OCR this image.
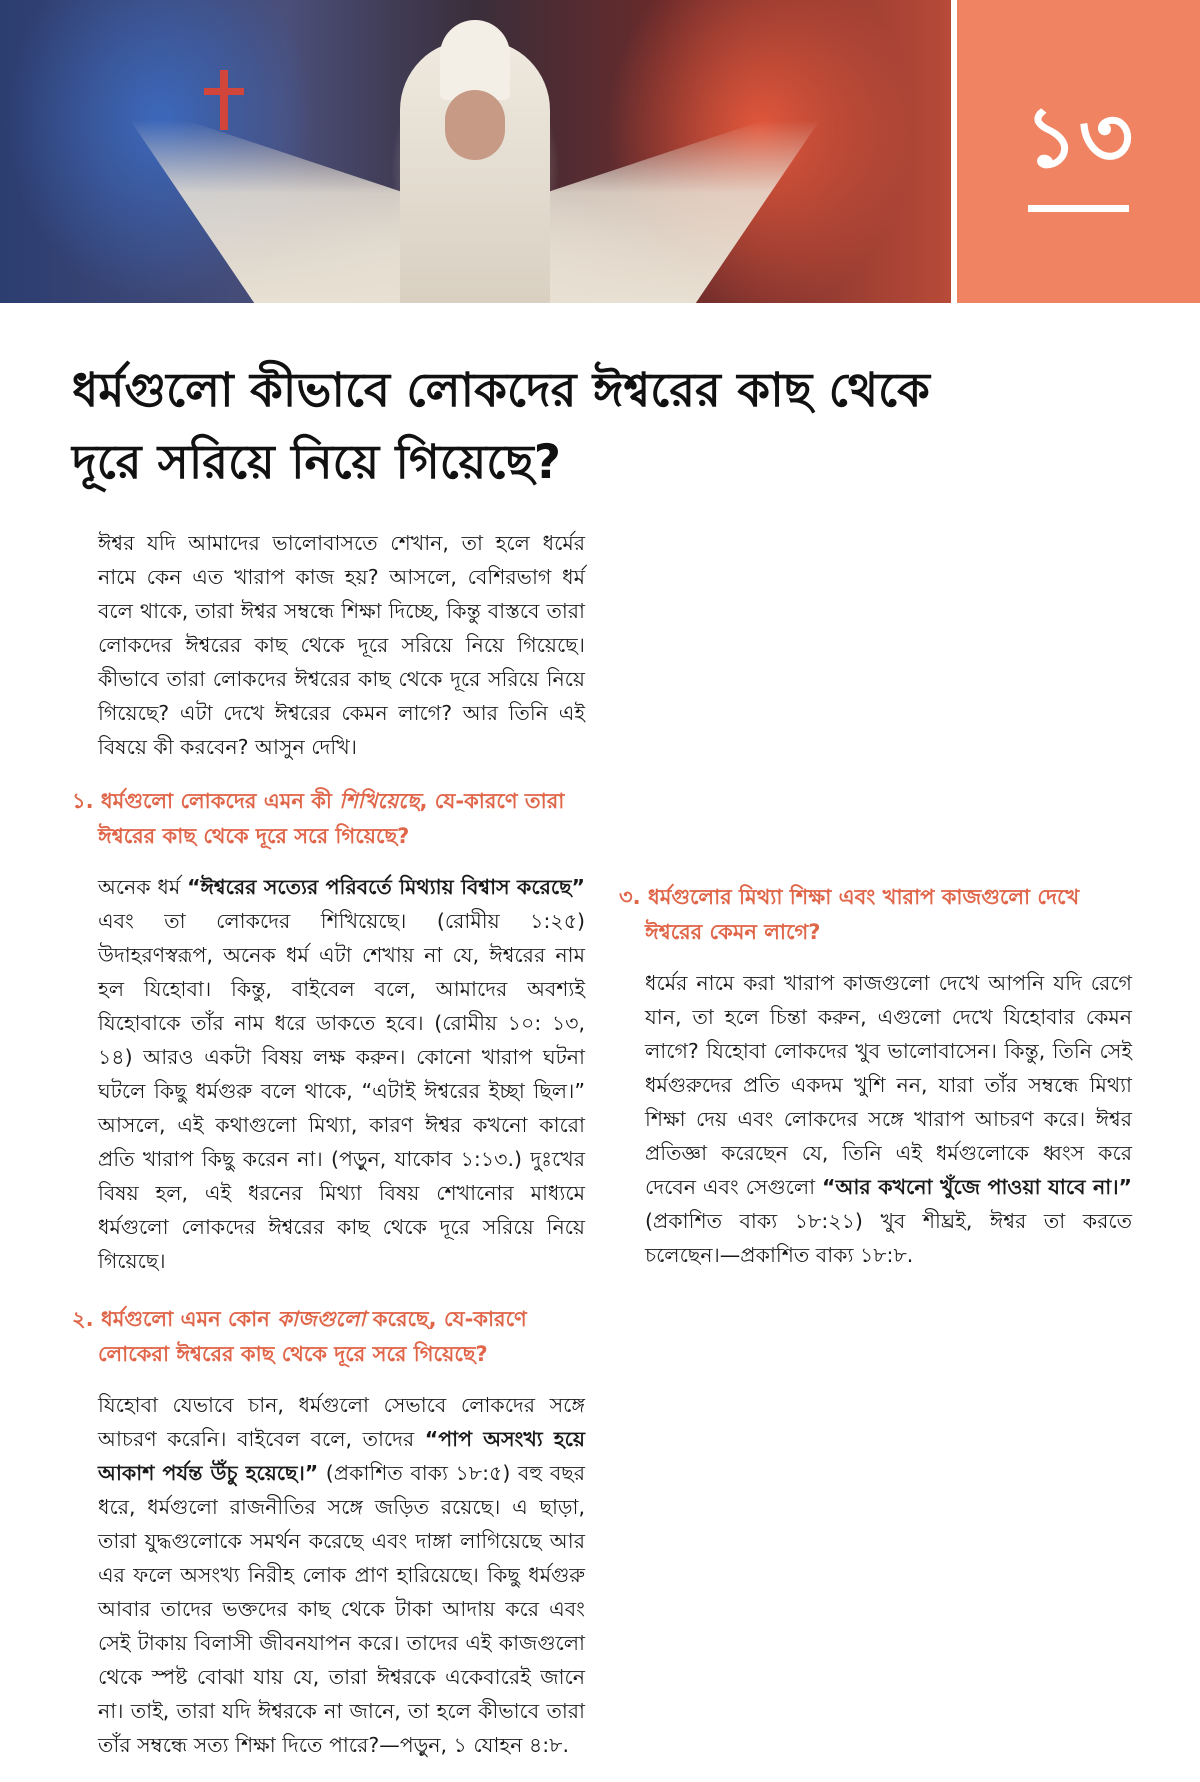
১৩
ধর্মগুলো কীভাবে লোকদের ঈশ্বরের কাছ থেকে দূরে সরিয়ে নিয়ে গিয়েছে?

ঈশ্বর যদি আমাদের ভালোবাসতে শেখান, তা হলে ধর্মের নামে কেন এত খারাপ কাজ হয়? আসলে, বেশিরভাগ ধর্ম বলে থাকে, তারা ঈশ্বর সম্বন্ধে শিক্ষা দিচ্ছে, কিন্তু বাস্তবে তারা লোকদের ঈশ্বরের কাছ থেকে দূরে সরিয়ে নিয়ে গিয়েছে। কীভাবে তারা লোকদের ঈশ্বরের কাছ থেকে দূরে সরিয়ে নিয়ে গিয়েছে? এটা দেখে ঈশ্বরের কেমন লাগে? আর তিনি এই বিষয়ে কী করবেন? আসুন দেখি।

১. ধর্মগুলো লোকদের এমন কী শিখিয়েছে, যে-কারণে তারা ঈশ্বরের কাছ থেকে দূরে সরে গিয়েছে?

অনেক ধর্ম “ঈশ্বরের সত্যের পরিবর্তে মিথ্যায় বিশ্বাস করেছে” এবং তা লোকদের শিখিয়েছে। (রোমীয় ১:২৫) উদাহরণস্বরূপ, অনেক ধর্ম এটা শেখায় না যে, ঈশ্বরের নাম হল যিহোবা। কিন্তু, বাইবেল বলে, আমাদের অবশ্যই যিহোবাকে তাঁর নাম ধরে ডাকতে হবে। (রোমীয় ১০: ১৩, ১৪) আরও একটা বিষয় লক্ষ করুন। কোনো খারাপ ঘটনা ঘটলে কিছু ধর্মগুরু বলে থাকে, “এটাই ঈশ্বরের ইচ্ছা ছিল।” আসলে, এই কথাগুলো মিথ্যা, কারণ ঈশ্বর কখনো কারো প্রতি খারাপ কিছু করেন না। (পড়ুন, যাকোব ১:১৩.) দুঃখের বিষয় হল, এই ধরনের মিথ্যা বিষয় শেখানোর মাধ্যমে ধর্মগুলো লোকদের ঈশ্বরের কাছ থেকে দূরে সরিয়ে নিয়ে গিয়েছে।

২. ধর্মগুলো এমন কোন কাজগুলো করেছে, যে-কারণে লোকেরা ঈশ্বরের কাছ থেকে দূরে সরে গিয়েছে?

যিহোবা যেভাবে চান, ধর্মগুলো সেভাবে লোকদের সঙ্গে আচরণ করেনি। বাইবেল বলে, তাদের “পাপ অসংখ্য হয়ে আকাশ পর্যন্ত উঁচু হয়েছে।” (প্রকাশিত বাক্য ১৮:৫) বহু বছর ধরে, ধর্মগুলো রাজনীতির সঙ্গে জড়িত রয়েছে। এ ছাড়া, তারা যুদ্ধগুলোকে সমর্থন করেছে এবং দাঙ্গা লাগিয়েছে আর এর ফলে অসংখ্য নিরীহ লোক প্রাণ হারিয়েছে। কিছু ধর্মগুরু আবার তাদের ভক্তদের কাছ থেকে টাকা আদায় করে এবং সেই টাকায় বিলাসী জীবনযাপন করে। তাদের এই কাজগুলো থেকে স্পষ্ট বোঝা যায় যে, তারা ঈশ্বরকে একেবারেই জানে না। তাই, তারা যদি ঈশ্বরকে না জানে, তা হলে কীভাবে তারা তাঁর সম্বন্ধে সত্য শিক্ষা দিতে পারে?—পড়ুন, ১ যোহন ৪:৮.

৩. ধর্মগুলোর মিথ্যা শিক্ষা এবং খারাপ কাজগুলো দেখে ঈশ্বরের কেমন লাগে?

ধর্মের নামে করা খারাপ কাজগুলো দেখে আপনি যদি রেগে যান, তা হলে চিন্তা করুন, এগুলো দেখে যিহোবার কেমন লাগে? যিহোবা লোকদের খুব ভালোবাসেন। কিন্তু, তিনি সেই ধর্মগুরুদের প্রতি একদম খুশি নন, যারা তাঁর সম্বন্ধে মিথ্যা শিক্ষা দেয় এবং লোকদের সঙ্গে খারাপ আচরণ করে। ঈশ্বর প্রতিজ্ঞা করেছেন যে, তিনি এই ধর্মগুলোকে ধ্বংস করে দেবেন এবং সেগুলো “আর কখনো খুঁজে পাওয়া যাবে না।” (প্রকাশিত বাক্য ১৮:২১) খুব শীঘ্রই, ঈশ্বর তা করতে চলেছেন।—প্রকাশিত বাক্য ১৮:৮.
